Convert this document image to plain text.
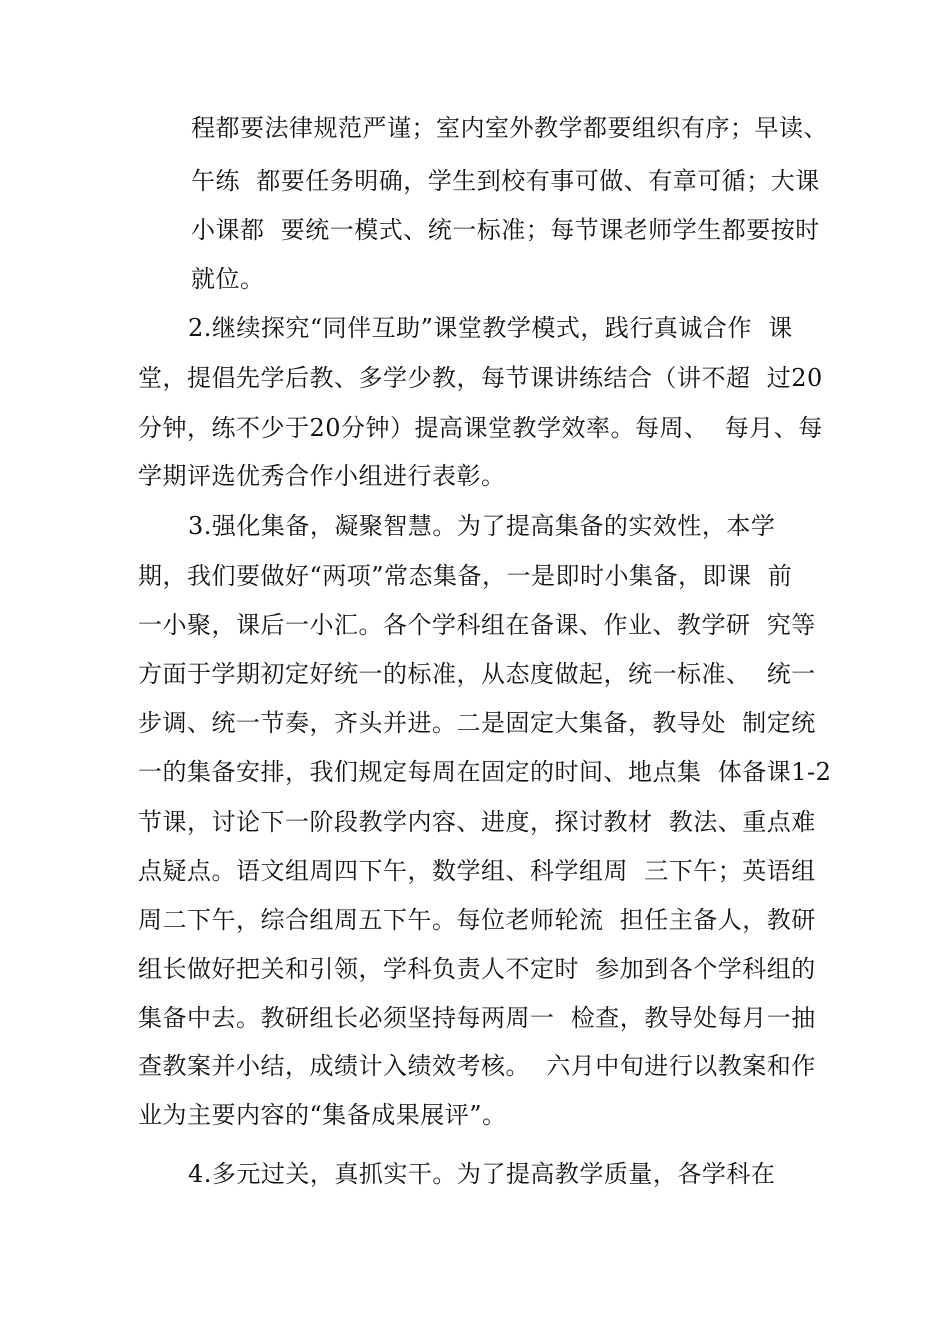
程都要法律规范严谨；室内室外教学都要组织有序；早读、
午练  都要任务明确，学生到校有事可做、有章可循；大课
小课都  要统一模式、统一标准；每节课老师学生都要按时
就位。
2.继续探究“同伴互助”课堂教学模式，践行真诚合作  课
堂，提倡先学后教、多学少教，每节课讲练结合（讲不超  过20
分钟，练不少于20分钟）提高课堂教学效率。每周、  每月、每
学期评选优秀合作小组进行表彰。
3.强化集备，凝聚智慧。为了提高集备的实效性，本学
期，我们要做好“两项”常态集备，一是即时小集备，即课  前
一小聚，课后一小汇。各个学科组在备课、作业、教学研  究等
方面于学期初定好统一的标准，从态度做起，统一标准、  统一
步调、统一节奏，齐头并进。二是固定大集备，教导处  制定统
一的集备安排，我们规定每周在固定的时间、地点集  体备课1-2
节课，讨论下一阶段教学内容、进度，探讨教材  教法、重点难
点疑点。语文组周四下午，数学组、科学组周  三下午；英语组
周二下午，综合组周五下午。每位老师轮流  担任主备人，教研
组长做好把关和引领，学科负责人不定时  参加到各个学科组的
集备中去。教研组长必须坚持每两周一  检查，教导处每月一抽
查教案并小结，成绩计入绩效考核。  六月中旬进行以教案和作
业为主要内容的“集备成果展评”。
4.多元过关，真抓实干。为了提高教学质量，各学科在
